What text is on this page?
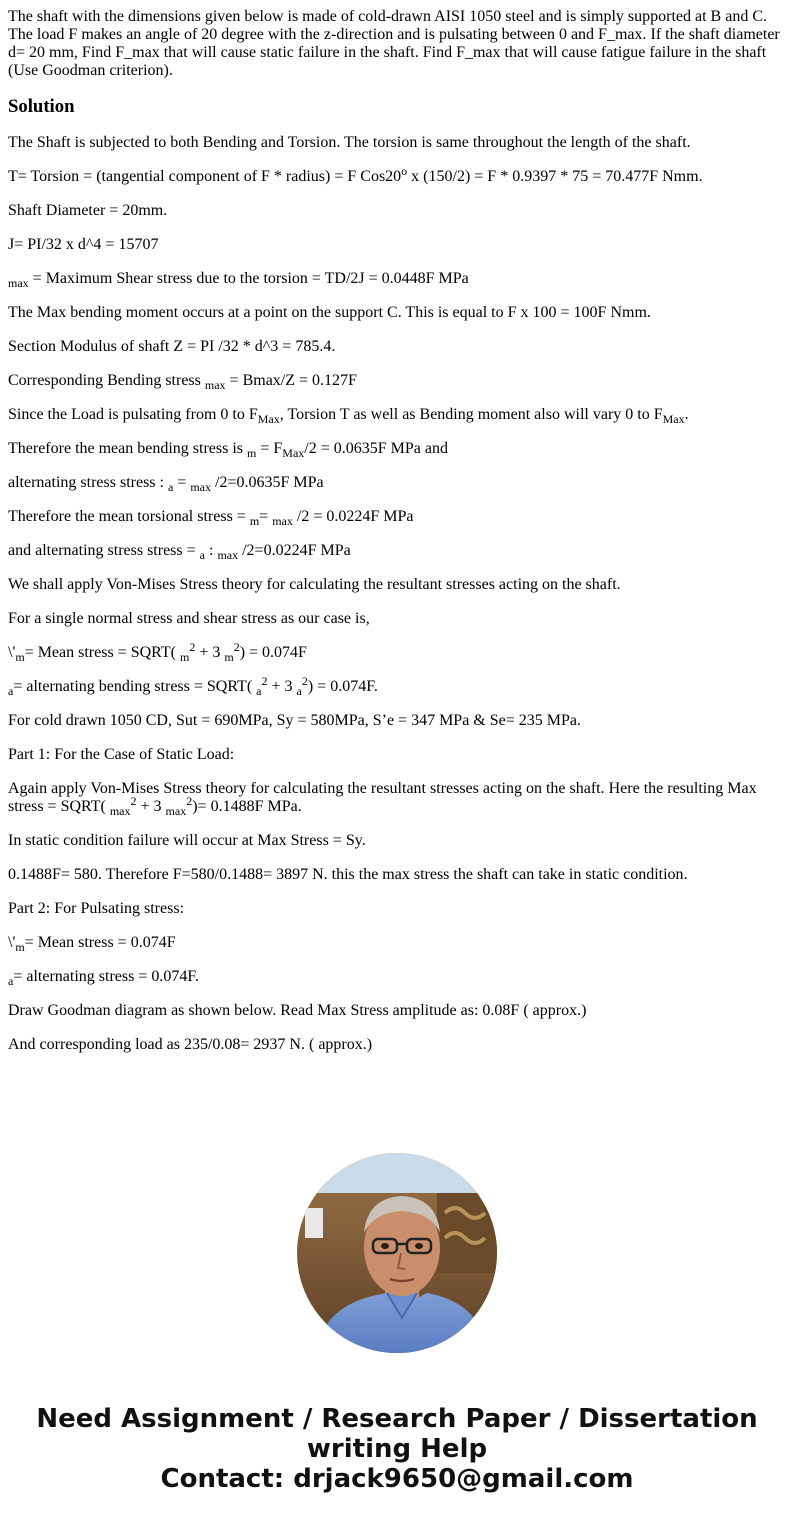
The shaft with the dimensions given below is made of cold-drawn AISI 1050 steel and is simply supported at B and C. The load F makes an angle of 20 degree with the z-direction and is pulsating between 0 and F_max. If the shaft diameter d= 20 mm, Find F_max that will cause static failure in the shaft. Find F_max that will cause fatigue failure in the shaft (Use Goodman criterion).

Solution

The Shaft is subjected to both Bending and Torsion. The torsion is same throughout the length of the shaft.

T= Torsion = (tangential component of F * radius) = F Cos20$^o$ x (150/2) = F * 0.9397 * 75 = 70.477F Nmm.

Shaft Diameter = 20mm.

J= PI/32 x d^4 = 15707

$_{max}$ = Maximum Shear stress due to the torsion = TD/2J = 0.0448F MPa

The Max bending moment occurs at a point on the support C. This is equal to F x 100 = 100F Nmm.

Section Modulus of shaft Z = PI /32 * d^3 = 785.4.

Corresponding Bending stress $_{max}$ = Bmax/Z = 0.127F

Since the Load is pulsating from 0 to $F_{Max}$, Torsion T as well as Bending moment also will vary 0 to $F_{Max}$.

Therefore the mean bending stress is $_m = F_{Max}/2 = 0.0635F$ MPa and

alternating stress stress : $_a$ = $_{max}$ /2=0.0635F MPa

Therefore the mean torsional stress = $_m$= $_{max}$ /2 = 0.0224F MPa

and alternating stress stress = $_a$ : $_{max}$ /2=0.0224F MPa

We shall apply Von-Mises Stress theory for calculating the resultant stresses acting on the shaft.

For a single normal stress and shear stress as our case is,

$\backslash'_m=$ Mean stress = SQRT( $_m^2$ + 3 $_m^2$) = 0.074F

$_a$= alternating bending stress = SQRT( $_a^2$ + 3 $_a^2$) = 0.074F.

For cold drawn 1050 CD, Sut = 690MPa, Sy = 580MPa, S’e = 347 MPa & Se= 235 MPa.

Part 1: For the Case of Static Load:

Again apply Von-Mises Stress theory for calculating the resultant stresses acting on the shaft. Here the resulting Max stress = SQRT( $_{max}^2$ + 3 $_{max}^2$)= 0.1488F MPa.

In static condition failure will occur at Max Stress = Sy.

0.1488F= 580. Therefore F=580/0.1488= 3897 N. this the max stress the shaft can take in static condition.

Part 2: For Pulsating stress:

$\backslash'_m=$ Mean stress = 0.074F

$_a$= alternating stress = 0.074F.

Draw Goodman diagram as shown below. Read Max Stress amplitude as: 0.08F ( approx.)

And corresponding load as 235/0.08= 2937 N. ( approx.)

Need Assignment / Research Paper / Dissertation
writing Help
Contact: drjack9650@gmail.com
